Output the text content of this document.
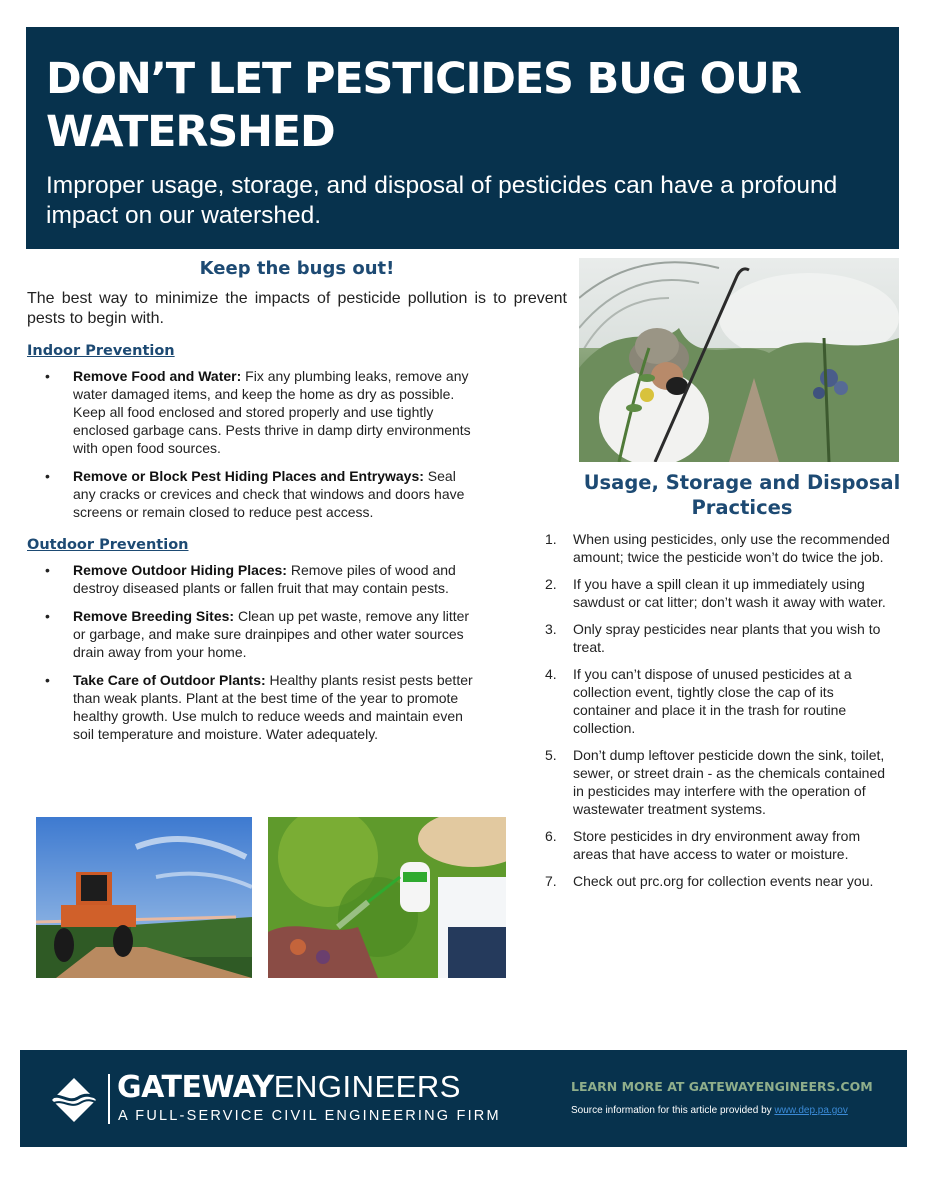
DON’T LET PESTICIDES BUG OUR WATERSHED
Improper usage, storage, and disposal of pesticides can have a profound impact on our watershed.
Keep the bugs out!

The best way to minimize the impacts of pesticide pollution is to prevent pests to begin with.

Indoor Prevention
• Remove Food and Water: Fix any plumbing leaks, remove any water damaged items, and keep the home as dry as possible. Keep all food enclosed and stored properly and use tightly enclosed garbage cans. Pests thrive in damp dirty environments with open food sources.
• Remove or Block Pest Hiding Places and Entryways: Seal any cracks or crevices and check that windows and doors have screens or remain closed to reduce pest access.
Outdoor Prevention
• Remove Outdoor Hiding Places: Remove piles of wood and destroy diseased plants or fallen fruit that may contain pests.
• Remove Breeding Sites: Clean up pet waste, remove any litter or garbage, and make sure drainpipes and other water sources drain away from your home.
• Take Care of Outdoor Plants: Healthy plants resist pests better than weak plants. Plant at the best time of the year to promote healthy growth. Use mulch to reduce weeds and maintain even soil temperature and moisture. Water adequately.
Usage, Storage and Disposal Practices
1. When using pesticides, only use the recommended amount; twice the pesticide won’t do twice the job.
2. If you have a spill clean it up immediately using sawdust or cat litter; don’t wash it away with water.
3. Only spray pesticides near plants that you wish to treat.
4. If you can’t dispose of unused pesticides at a collection event, tightly close the cap of its container and place it in the trash for routine collection.
5. Don’t dump leftover pesticide down the sink, toilet, sewer, or street drain - as the chemicals contained in pesticides may interfere with the operation of wastewater treatment systems.
6. Store pesticides in dry environment away from areas that have access to water or moisture.
7. Check out prc.org for collection events near you.
GATEWAYENGINEERS
A FULL-SERVICE CIVIL ENGINEERING FIRM
LEARN MORE AT GATEWAYENGINEERS.COM
Source information for this article provided by www.dep.pa.gov
